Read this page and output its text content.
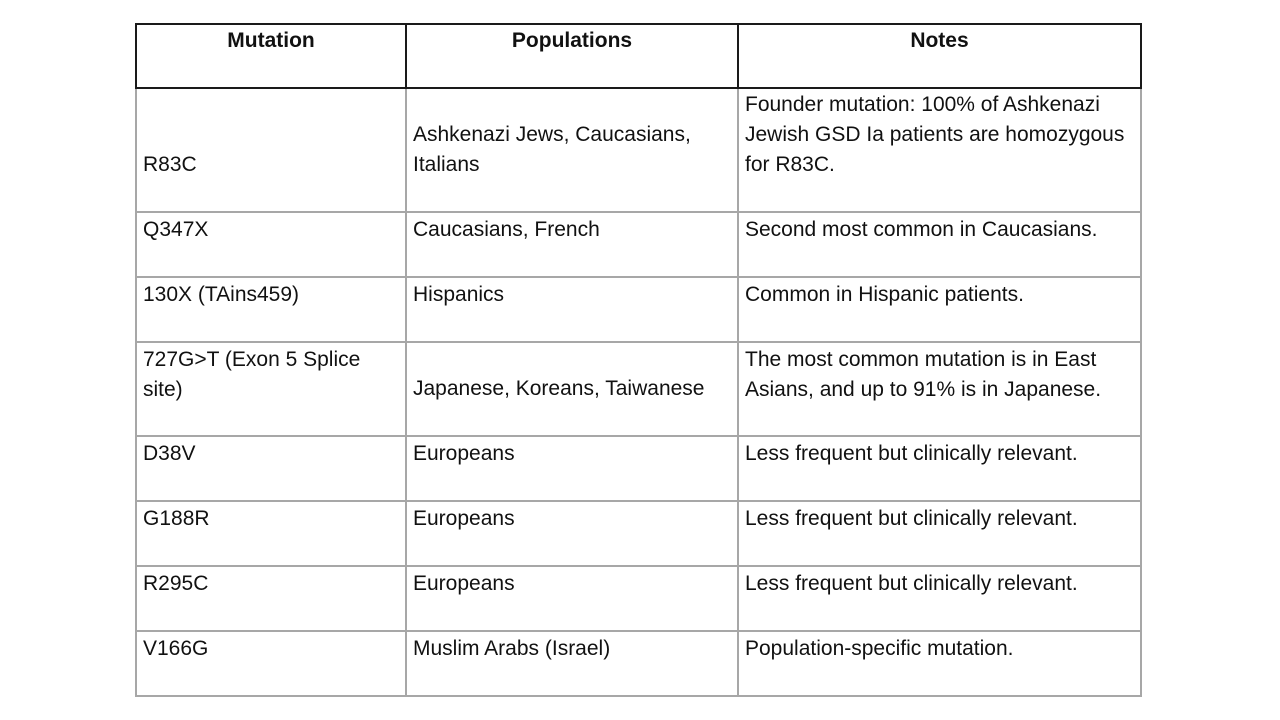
Mutation	Populations	Notes
R83C	Ashkenazi Jews, Caucasians, Italians	Founder mutation: 100% of Ashkenazi Jewish GSD Ia patients are homozygous for R83C.
Q347X	Caucasians, French	Second most common in Caucasians.
130X (TAins459)	Hispanics	Common in Hispanic patients.
727G>T (Exon 5 Splice site)	Japanese, Koreans, Taiwanese	The most common mutation is in East Asians, and up to 91% is in Japanese.
D38V	Europeans	Less frequent but clinically relevant.
G188R	Europeans	Less frequent but clinically relevant.
R295C	Europeans	Less frequent but clinically relevant.
V166G	Muslim Arabs (Israel)	Population-specific mutation.
